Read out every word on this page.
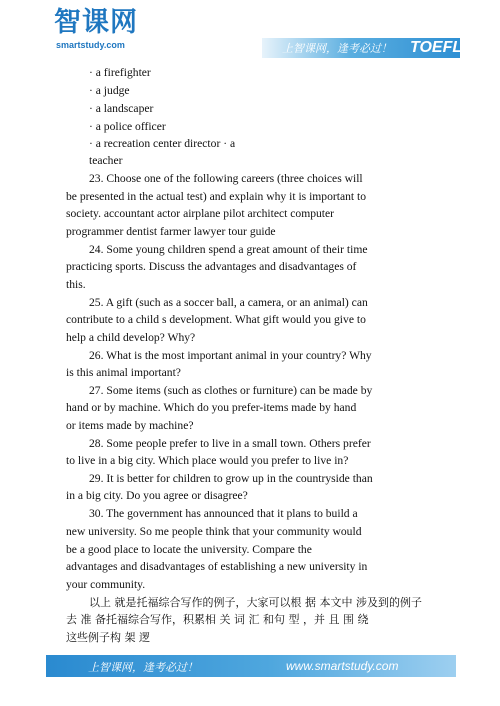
智课网
smartstudy.com	上智课网，逢考必过！ TOEFL
· a firefighter
· a judge
· a landscaper
· a police officer
· a recreation center director · a
teacher
23. Choose one of the following careers (three choices will
be presented in the actual test) and explain why it is important to
society. accountant actor airplane pilot architect computer
programmer dentist farmer lawyer tour guide
24. Some young children spend a great amount of their time
practicing sports. Discuss the advantages and disadvantages of
this.
25. A gift (such as a soccer ball, a camera, or an animal) can
contribute to a child s development. What gift would you give to
help a child develop? Why?
26. What is the most important animal in your country? Why
is this animal important?
27. Some items (such as clothes or furniture) can be made by
hand or by machine. Which do you prefer-items made by hand
or items made by machine?
28. Some people prefer to live in a small town. Others prefer
to live in a big city. Which place would you prefer to live in?
29. It is better for children to grow up in the countryside than
in a big city. Do you agree or disagree?
30. The government has announced that it plans to build a
new university. So me people think that your community would
be a good place to locate the university. Compare the
advantages and disadvantages of establishing a new university in
your community.
以上 就是托福综合写作的例子，大家可以根 据 本文中 涉及到的例子
去 准 备托福综合写作，积累相 关 词 汇 和句 型 ，并 且 围 绕
这些例子构 架 逻
上智课网，逢考必过！	www.smartstudy.com
